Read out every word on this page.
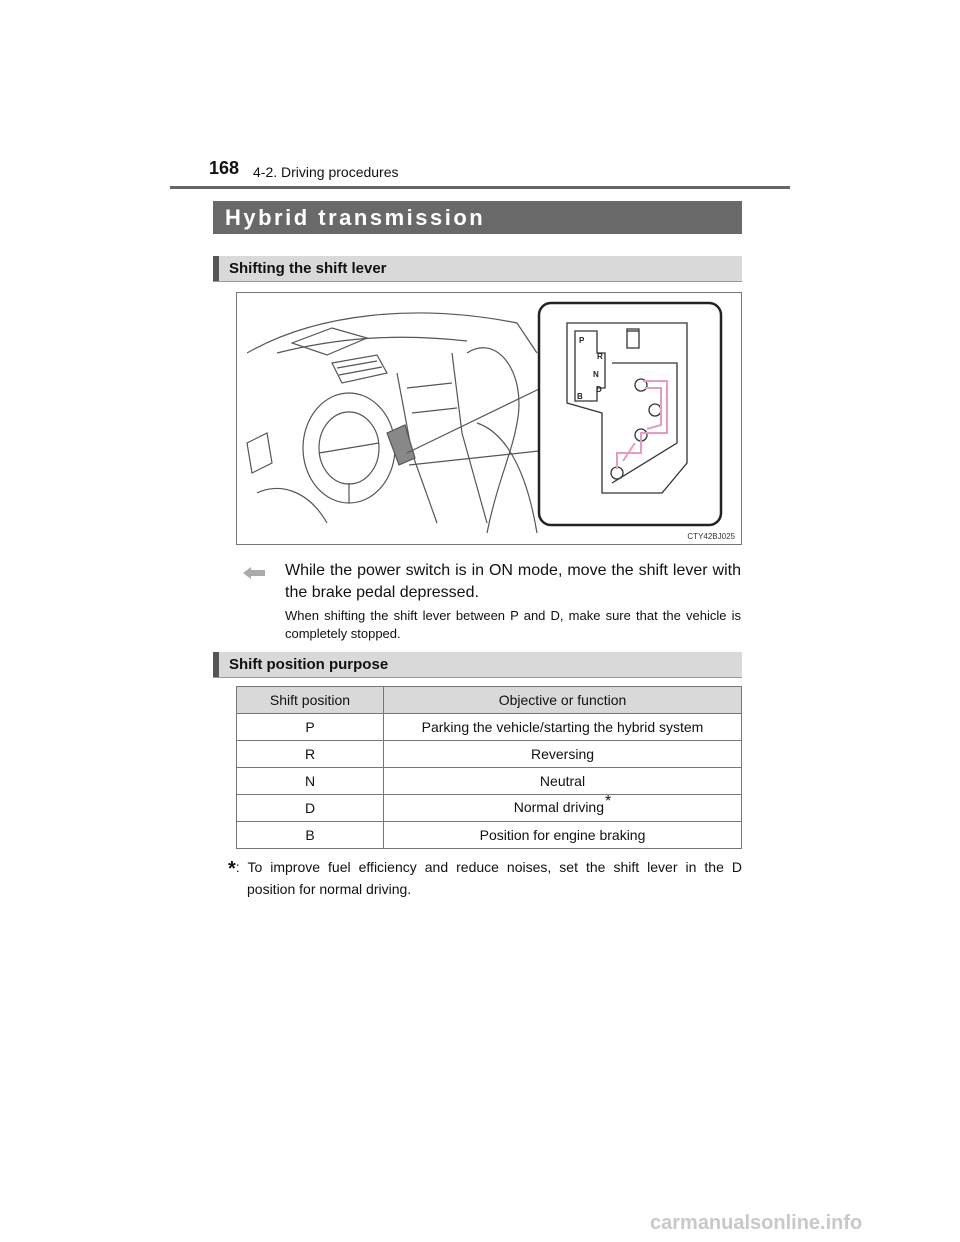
168 4-2. Driving procedures
Hybrid transmission
Shifting the shift lever
P
R
N
D
B
CTY42BJ025
While the power switch is in ON mode, move the shift lever with the brake pedal depressed.
When shifting the shift lever between P and D, make sure that the vehicle is completely stopped.
Shift position purpose
Shift position	Objective or function
P	Parking the vehicle/starting the hybrid system
R	Reversing
N	Neutral
D	Normal driving*
B	Position for engine braking
*: To improve fuel efficiency and reduce noises, set the shift lever in the D
position for normal driving.
carmanualsonline.info
